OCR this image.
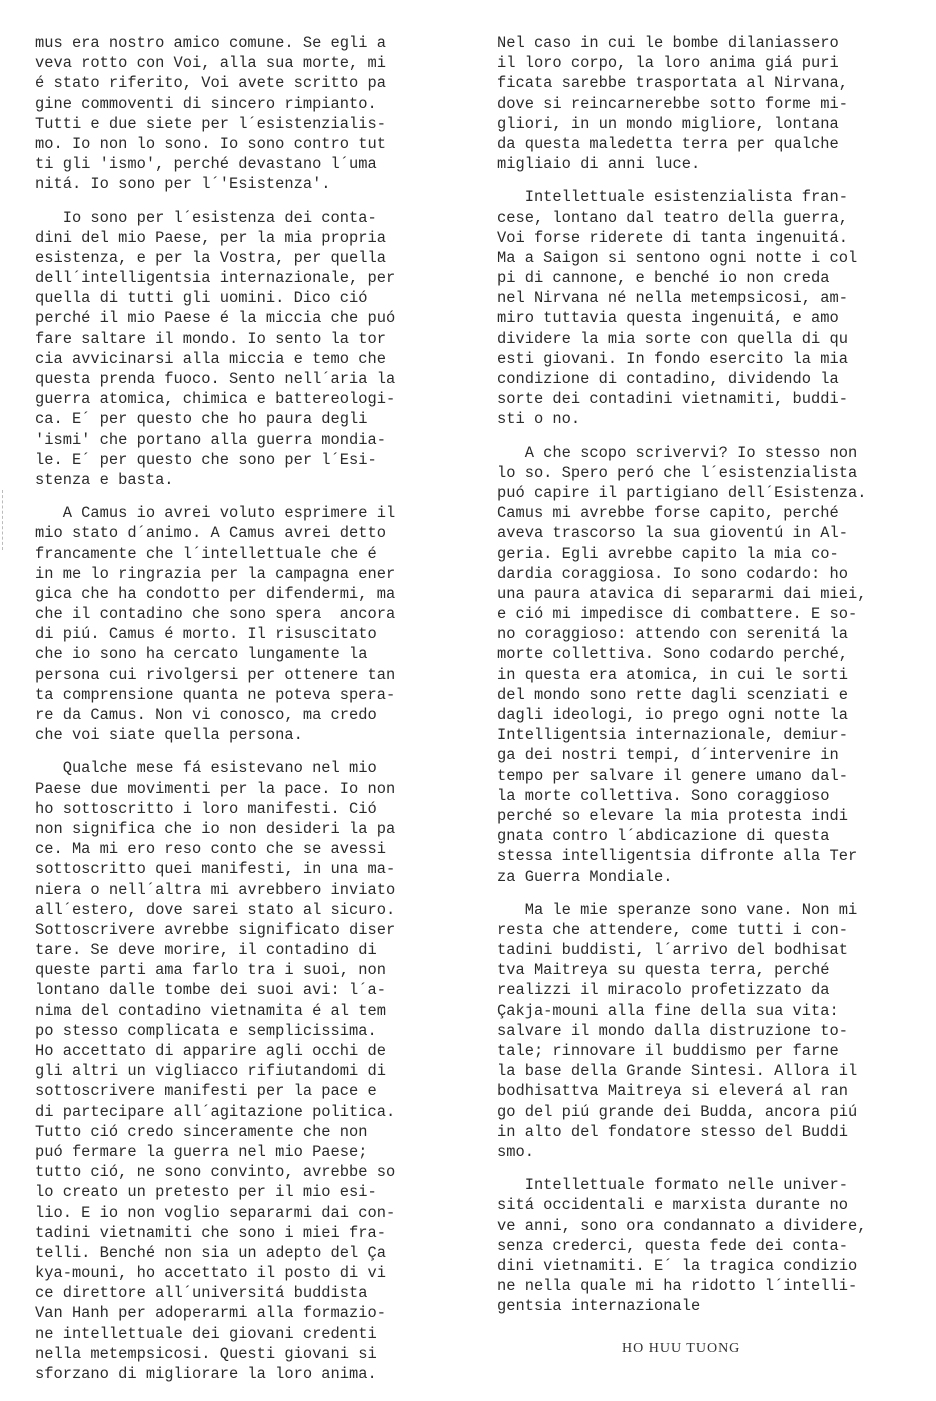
mus era nostro amico comune. Se egli a
veva rotto con Voi, alla sua morte, mi
é stato riferito, Voi avete scritto pa
gine commoventi di sincero rimpianto.
Tutti e due siete per l´esistenzialis-
mo. Io non lo sono. Io sono contro tut
ti gli 'ismo', perché devastano l´uma
nitá. Io sono per l´'Esistenza'.
Io sono per l´esistenza dei conta-
dini del mio Paese, per la mia propria
esistenza, e per la Vostra, per quella
dell´intelligentsia internazionale, per
quella di tutti gli uomini. Dico ció
perché il mio Paese é la miccia che puó
fare saltare il mondo. Io sento la tor
cia avvicinarsi alla miccia e temo che
questa prenda fuoco. Sento nell´aria la
guerra atomica, chimica e battereologi-
ca. E´ per questo che ho paura degli
'ismi' che portano alla guerra mondia-
le. E´ per questo che sono per l´Esi-
stenza e basta.
A Camus io avrei voluto esprimere il
mio stato d´animo. A Camus avrei detto
francamente che l´intellettuale che é
in me lo ringrazia per la campagna ener
gica che ha condotto per difendermi, ma
che il contadino che sono spera  ancora
di piú. Camus é morto. Il risuscitato
che io sono ha cercato lungamente la
persona cui rivolgersi per ottenere tan
ta comprensione quanta ne poteva spera-
re da Camus. Non vi conosco, ma credo
che voi siate quella persona.
Qualche mese fá esistevano nel mio
Paese due movimenti per la pace. Io non
ho sottoscritto i loro manifesti. Ció
non significa che io non desideri la pa
ce. Ma mi ero reso conto che se avessi
sottoscritto quei manifesti, in una ma-
niera o nell´altra mi avrebbero inviato
all´estero, dove sarei stato al sicuro.
Sottoscrivere avrebbe significato diser
tare. Se deve morire, il contadino di
queste parti ama farlo tra i suoi, non
lontano dalle tombe dei suoi avi: l´a-
nima del contadino vietnamita é al tem
po stesso complicata e semplicissima.
Ho accettato di apparire agli occhi de
gli altri un vigliacco rifiutandomi di
sottoscrivere manifesti per la pace e
di partecipare all´agitazione politica.
Tutto ció credo sinceramente che non
puó fermare la guerra nel mio Paese;
tutto ció, ne sono convinto, avrebbe so
lo creato un pretesto per il mio esi-
lio. E io non voglio separarmi dai con-
tadini vietnamiti che sono i miei fra-
telli. Benché non sia un adepto del Ça
kya-mouni, ho accettato il posto di vi
ce direttore all´universitá buddista
Van Hanh per adoperarmi alla formazio-
ne intellettuale dei giovani credenti
nella metempsicosi. Questi giovani si
sforzano di migliorare la loro anima.
Nel caso in cui le bombe dilaniassero
il loro corpo, la loro anima giá puri
ficata sarebbe trasportata al Nirvana,
dove si reincarnerebbe sotto forme mi-
gliori, in un mondo migliore, lontana
da questa maledetta terra per qualche
migliaio di anni luce.
Intellettuale esistenzialista fran-
cese, lontano dal teatro della guerra,
Voi forse riderete di tanta ingenuitá.
Ma a Saigon si sentono ogni notte i col
pi di cannone, e benché io non creda
nel Nirvana né nella metempsicosi, am-
miro tuttavia questa ingenuitá, e amo
dividere la mia sorte con quella di qu
esti giovani. In fondo esercito la mia
condizione di contadino, dividendo la
sorte dei contadini vietnamiti, buddi-
sti o no.
A che scopo scrivervi? Io stesso non
lo so. Spero peró che l´esistenzialista
puó capire il partigiano dell´Esistenza.
Camus mi avrebbe forse capito, perché
aveva trascorso la sua gioventú in Al-
geria. Egli avrebbe capito la mia co-
dardia coraggiosa. Io sono codardo: ho
una paura atavica di separarmi dai miei,
e ció mi impedisce di combattere. E so-
no coraggioso: attendo con serenitá la
morte collettiva. Sono codardo perché,
in questa era atomica, in cui le sorti
del mondo sono rette dagli scenziati e
dagli ideologi, io prego ogni notte la
Intelligentsia internazionale, demiur-
ga dei nostri tempi, d´intervenire in
tempo per salvare il genere umano dal-
la morte collettiva. Sono coraggioso
perché so elevare la mia protesta indi
gnata contro l´abdicazione di questa
stessa intelligentsia difronte alla Ter
za Guerra Mondiale.
Ma le mie speranze sono vane. Non mi
resta che attendere, come tutti i con-
tadini buddisti, l´arrivo del bodhisat
tva Maitreya su questa terra, perché
realizzi il miracolo profetizzato da
Çakja-mouni alla fine della sua vita:
salvare il mondo dalla distruzione to-
tale; rinnovare il buddismo per farne
la base della Grande Sintesi. Allora il
bodhisattva Maitreya si eleverá al ran
go del piú grande dei Budda, ancora piú
in alto del fondatore stesso del Buddi
smo.
Intellettuale formato nelle univer-
sitá occidentali e marxista durante no
ve anni, sono ora condannato a dividere,
senza crederci, questa fede dei conta-
dini vietnamiti. E´ la tragica condizio
ne nella quale mi ha ridotto l´intelli-
gentsia internazionale
HO HUU TUONG
